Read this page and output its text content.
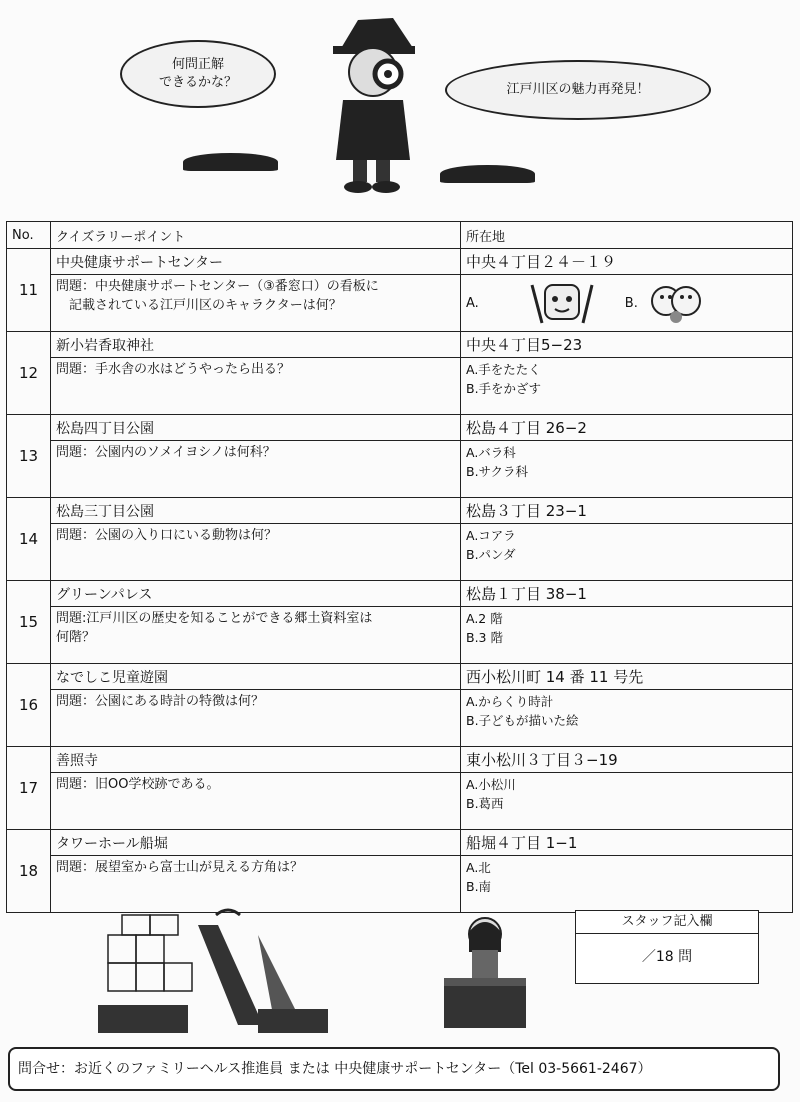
何問正解
できるかな？	江戸川区の魅力再発見！
No.	クイズラリーポイント	所在地
11	中央健康サポートセンター	中央４丁目２４－１９
	問題：中央健康サポートセンター（③番窓口）の看板に
　記載されている江戸川区のキャラクターは何？	A. B.

12	新小岩香取神社	中央４丁目5−23
	問題：手水舎の水はどうやったら出る？	A.手をたたく
B.手をかざす

13	松島四丁目公園	松島４丁目 26−2
	問題：公園内のソメイヨシノは何科？	A.バラ科
B.サクラ科

14	松島三丁目公園	松島３丁目 23−1
	問題：公園の入り口にいる動物は何？	A.コアラ
B.パンダ

15	グリーンパレス	松島１丁目 38−1
	問題:江戸川区の歴史を知ることができる郷土資料室は
何階？	A.2 階
B.3 階

16	なでしこ児童遊園	西小松川町 14 番 11 号先
	問題：公園にある時計の特徴は何？	A.からくり時計
B.子どもが描いた絵

17	善照寺	東小松川３丁目３−19
	問題：旧OO学校跡である。	A.小松川
B.葛西

18	タワーホール船堀	船堀４丁目 1−1
	問題：展望室から富士山が見える方角は？	A.北
B.南
スタッフ記入欄
／18 問
問合せ：お近くのファミリーヘルス推進員 または 中央健康サポートセンター（Tel 03-5661-2467）
